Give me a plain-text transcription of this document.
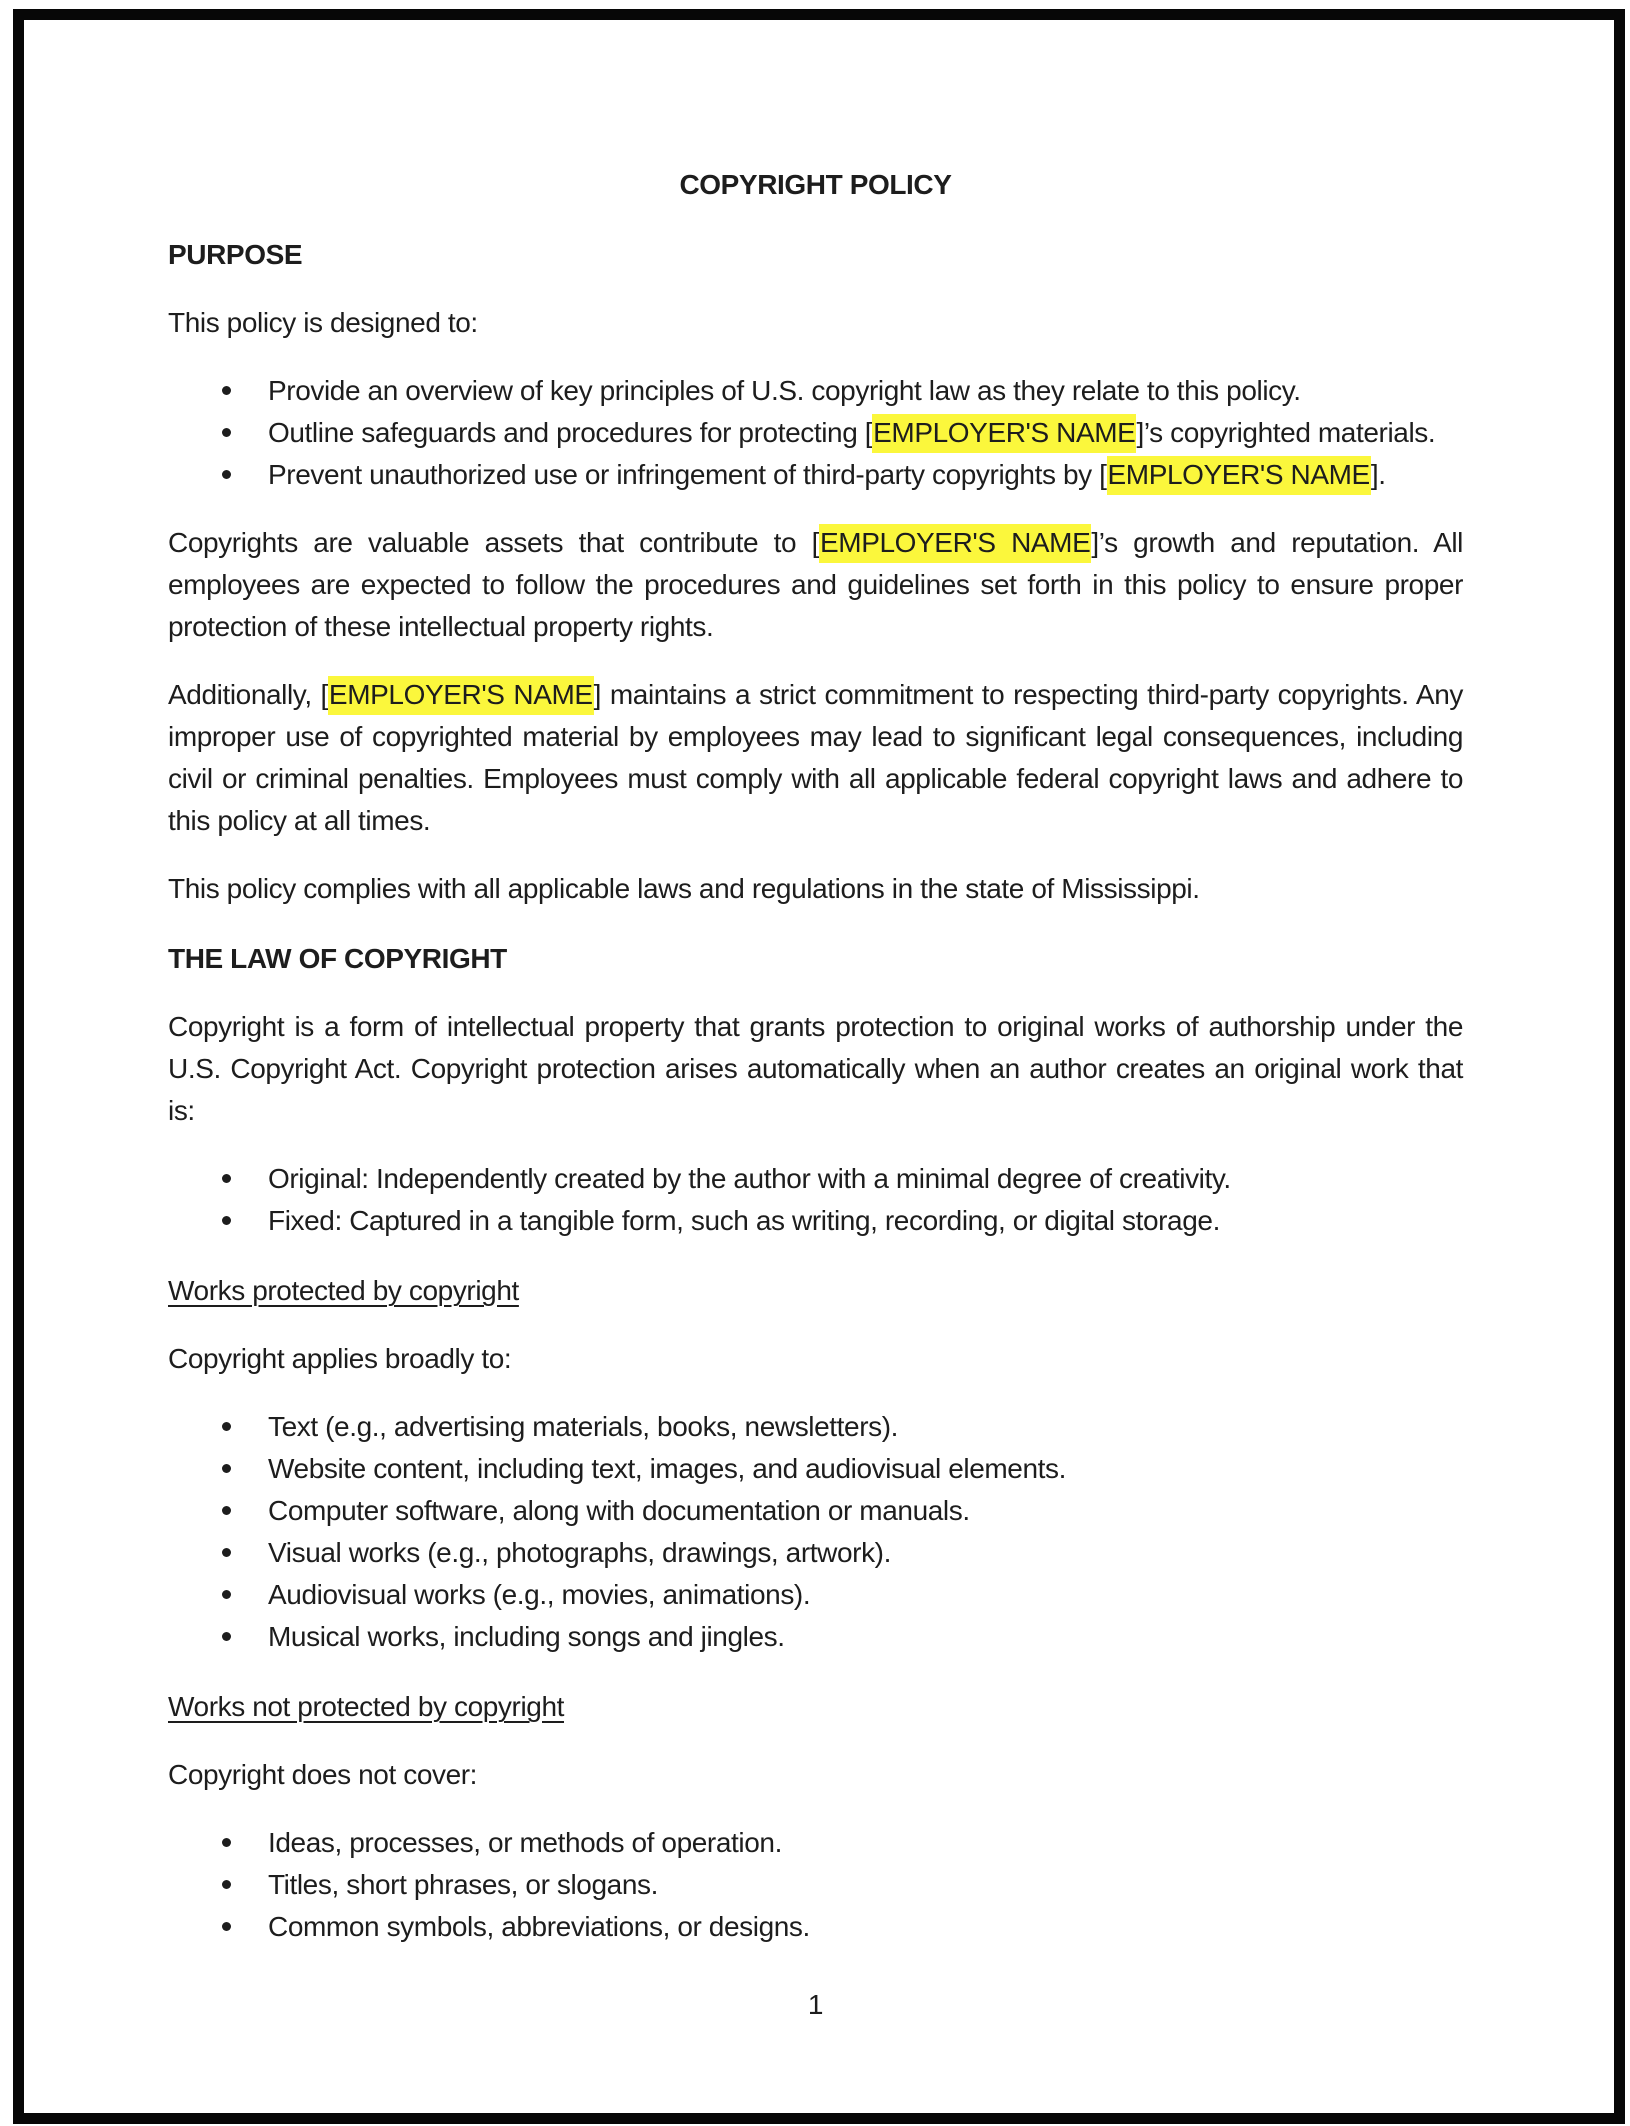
COPYRIGHT POLICY

PURPOSE

This policy is designed to:

Provide an overview of key principles of U.S. copyright law as they relate to this policy.
Outline safeguards and procedures for protecting [EMPLOYER'S NAME]’s copyrighted materials.
Prevent unauthorized use or infringement of third-party copyrights by [EMPLOYER'S NAME].

Copyrights are valuable assets that contribute to [EMPLOYER'S NAME]’s growth and reputation. All employees are expected to follow the procedures and guidelines set forth in this policy to ensure proper protection of these intellectual property rights.

Additionally, [EMPLOYER'S NAME] maintains a strict commitment to respecting third-party copyrights. Any improper use of copyrighted material by employees may lead to significant legal consequences, including civil or criminal penalties. Employees must comply with all applicable federal copyright laws and adhere to this policy at all times.

This policy complies with all applicable laws and regulations in the state of Mississippi.

THE LAW OF COPYRIGHT

Copyright is a form of intellectual property that grants protection to original works of authorship under the U.S. Copyright Act. Copyright protection arises automatically when an author creates an original work that is:

Original: Independently created by the author with a minimal degree of creativity.
Fixed: Captured in a tangible form, such as writing, recording, or digital storage.

Works protected by copyright

Copyright applies broadly to:

Text (e.g., advertising materials, books, newsletters).
Website content, including text, images, and audiovisual elements.
Computer software, along with documentation or manuals.
Visual works (e.g., photographs, drawings, artwork).
Audiovisual works (e.g., movies, animations).
Musical works, including songs and jingles.

Works not protected by copyright

Copyright does not cover:

Ideas, processes, or methods of operation.
Titles, short phrases, or slogans.
Common symbols, abbreviations, or designs.
1
